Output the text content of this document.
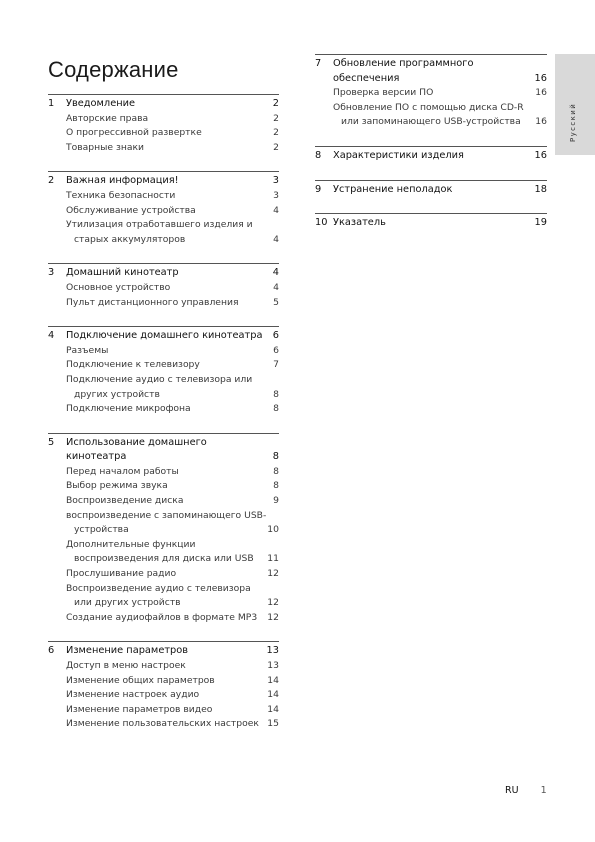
Содержание
1	Уведомление	2
Авторские права	2
О прогрессивной развертке	2
Товарные знаки	2
2	Важная информация!	3
Техника безопасности	3
Обслуживание устройства	4
Утилизация отработавшего изделия и
старых аккумуляторов	4
3	Домашний кинотеатр	4
Основное устройство	4
Пульт дистанционного управления	5
4	Подключение домашнего кинотеатра	6
Разъемы	6
Подключение к телевизору	7
Подключение аудио с телевизора или
других устройств	8
Подключение микрофона	8
5	Использование домашнего
кинотеатра	8
Перед началом работы	8
Выбор режима звука	8
Воспроизведение диска	9
воспроизведение с запоминающего USB-
устройства	10
Дополнительные функции
воспроизведения для диска или USB	11
Прослушивание радио	12
Воспроизведение аудио с телевизора
или других устройств	12
Создание аудиофайлов в формате MP3	12
6	Изменение параметров	13
Доступ в меню настроек	13
Изменение общих параметров	14
Изменение настроек аудио	14
Изменение параметров видео	14
Изменение пользовательских настроек 15
7	Обновление программного
обеспечения	16
Проверка версии ПО	16
Обновление ПО с помощью диска CD-R
или запоминающего USB-устройства	16
8	Характеристики изделия	16
9	Устранение неполадок	18
10 Указатель	19
Русский
RU 1
